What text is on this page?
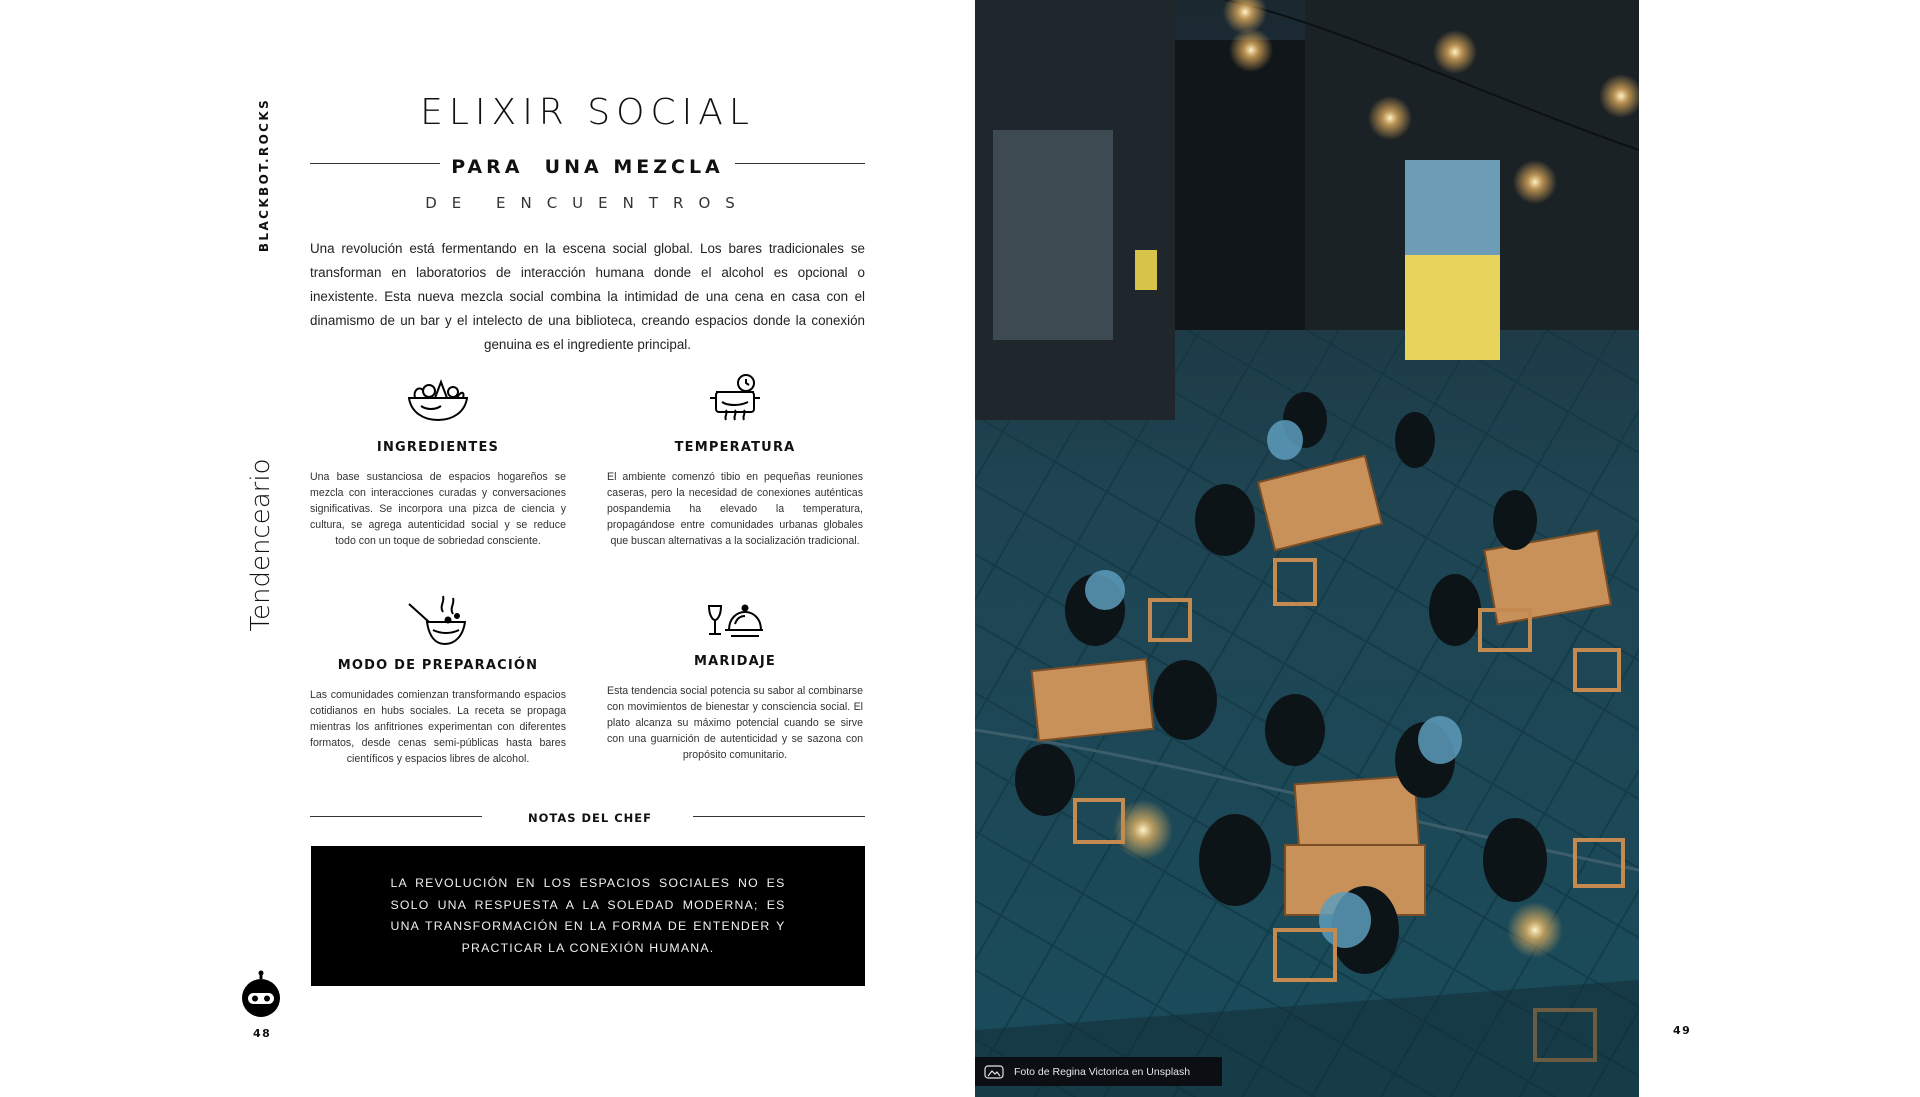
BLACKBOT.ROCKS
Tendenceario
48	49
ELIXIR SOCIAL
PARA  UNA MEZCLA
DE ENCUENTROS

Una revolución está fermentando en la escena social global. Los bares tradicionales se transforman en laboratorios de interacción humana donde el alcohol es opcional o inexistente. Esta nueva mezcla social combina la intimidad de una cena en casa con el dinamismo de un bar y el intelecto de una biblioteca, creando espacios donde la conexión genuina es el ingrediente principal.

INGREDIENTES

Una base sustanciosa de espacios hogareños se mezcla con interacciones curadas y conversaciones significativas. Se incorpora una pizca de ciencia y cultura, se agrega autenticidad social y se reduce todo con un toque de sobriedad consciente.

TEMPERATURA

El ambiente comenzó tibio en pequeñas reuniones caseras, pero la necesidad de conexiones auténticas pospandemia ha elevado la temperatura, propagándose entre comunidades urbanas globales que buscan alternativas a la socialización tradicional.

MODO DE PREPARACIÓN

Las comunidades comienzan transformando espacios cotidianos en hubs sociales. La receta se propaga mientras los anfitriones experimentan con diferentes formatos, desde cenas semi-públicas hasta bares científicos y espacios libres de alcohol.

MARIDAJE

Esta tendencia social potencia su sabor al combinarse con movimientos de bienestar y consciencia social. El plato alcanza su máximo potencial cuando se sirve con una guarnición de autenticidad y se sazona con propósito comunitario.

NOTAS DEL CHEF

LA REVOLUCIÓN EN LOS ESPACIOS SOCIALES NO ES SOLO UNA RESPUESTA A LA SOLEDAD MODERNA; ES UNA TRANSFORMACIÓN EN LA FORMA DE ENTENDER Y PRACTICAR LA CONEXIÓN HUMANA.

Foto de Regina Victorica en Unsplash
